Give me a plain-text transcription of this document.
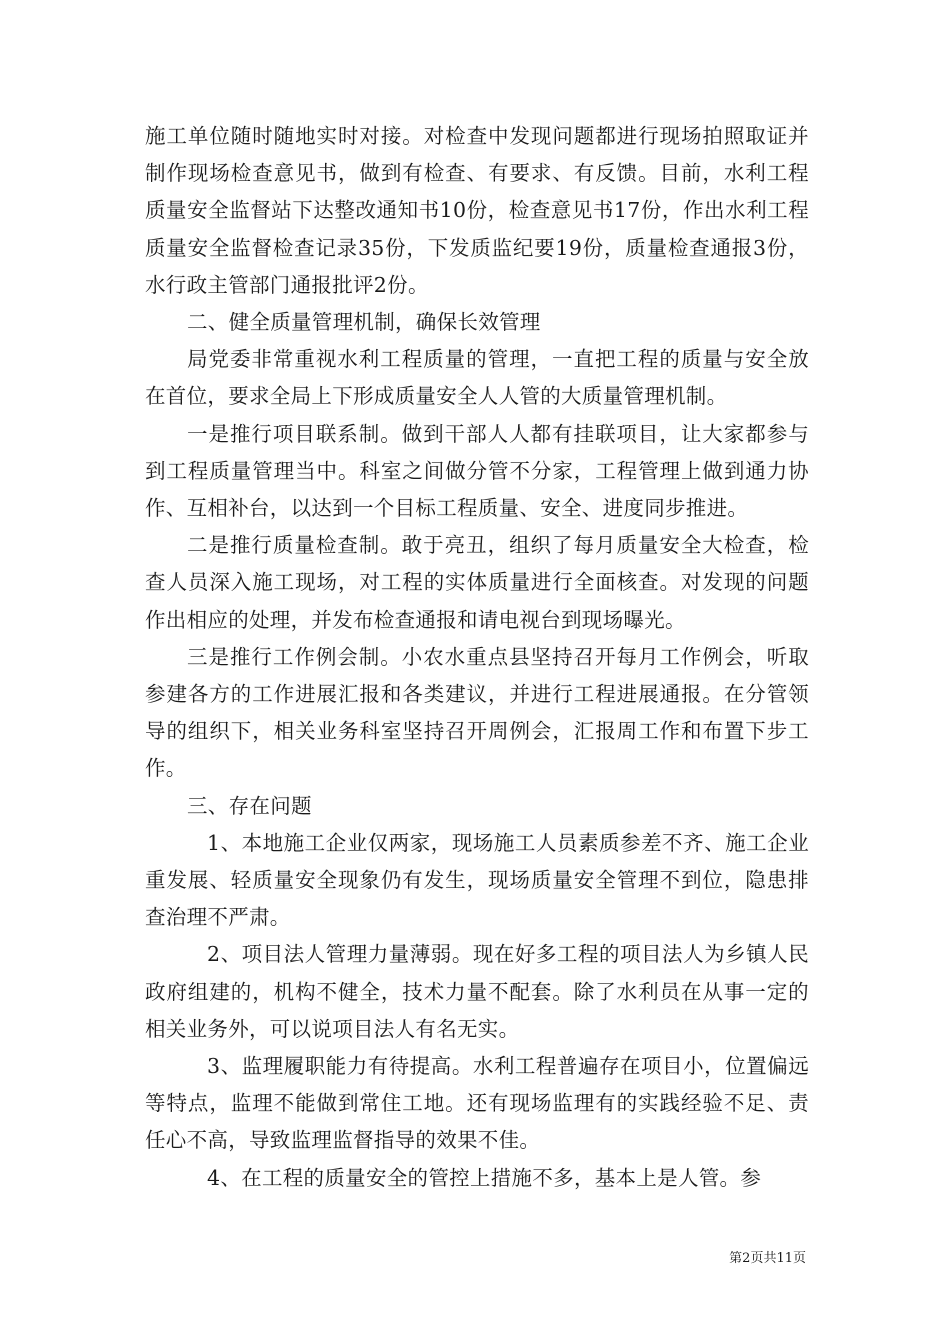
施工单位随时随地实时对接。对检查中发现问题都进行现场拍照取证并制作现场检查意见书，做到有检查、有要求、有反馈。目前，水利工程质量安全监督站下达整改通知书10份，检查意见书17份，作出水利工程质量安全监督检查记录35份，下发质监纪要19份，质量检查通报3份，水行政主管部门通报批评2份。

二、健全质量管理机制，确保长效管理

局党委非常重视水利工程质量的管理，一直把工程的质量与安全放在首位，要求全局上下形成质量安全人人管的大质量管理机制。

一是推行项目联系制。做到干部人人都有挂联项目，让大家都参与到工程质量管理当中。科室之间做分管不分家，工程管理上做到通力协作、互相补台，以达到一个目标工程质量、安全、进度同步推进。

二是推行质量检查制。敢于亮丑，组织了每月质量安全大检查，检查人员深入施工现场，对工程的实体质量进行全面核查。对发现的问题作出相应的处理，并发布检查通报和请电视台到现场曝光。

三是推行工作例会制。小农水重点县坚持召开每月工作例会，听取参建各方的工作进展汇报和各类建议，并进行工程进展通报。在分管领导的组织下，相关业务科室坚持召开周例会，汇报周工作和布置下步工作。

三、存在问题

1、本地施工企业仅两家，现场施工人员素质参差不齐、施工企业重发展、轻质量安全现象仍有发生，现场质量安全管理不到位，隐患排查治理不严肃。

2、项目法人管理力量薄弱。现在好多工程的项目法人为乡镇人民政府组建的，机构不健全，技术力量不配套。除了水利员在从事一定的相关业务外，可以说项目法人有名无实。

3、监理履职能力有待提高。水利工程普遍存在项目小，位置偏远等特点，监理不能做到常住工地。还有现场监理有的实践经验不足、责任心不高，导致监理监督指导的效果不佳。

4、在工程的质量安全的管控上措施不多，基本上是人管。参

第2页共11页
